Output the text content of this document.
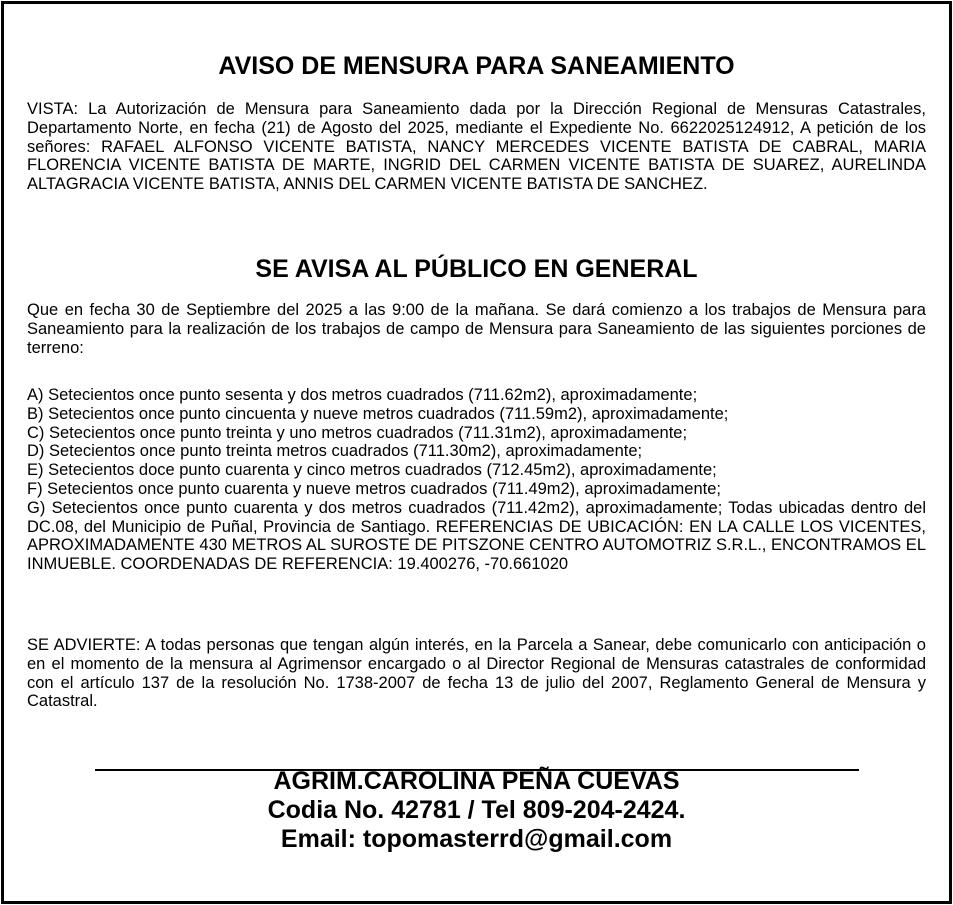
AVISO DE MENSURA PARA SANEAMIENTO

VISTA: La Autorización de Mensura para Saneamiento dada por la Dirección Regional de Mensuras Catastrales, Departamento Norte, en fecha (21) de Agosto del 2025, mediante el Expediente No. 6622025124912, A petición de los señores: RAFAEL ALFONSO VICENTE BATISTA, NANCY MERCEDES VICENTE BATISTA DE CABRAL, MARIA FLORENCIA VICENTE BATISTA DE MARTE, INGRID DEL CARMEN VICENTE BATISTA DE SUAREZ, AURELINDA ALTAGRACIA VICENTE BATISTA, ANNIS DEL CARMEN VICENTE BATISTA DE SANCHEZ.

SE AVISA AL PÚBLICO EN GENERAL

Que en fecha 30 de Septiembre del 2025 a las 9:00 de la mañana. Se dará comienzo a los trabajos de Mensura para Saneamiento para la realización de los trabajos de campo de Mensura para Saneamiento de las siguientes porciones de terreno:

A) Setecientos once punto sesenta y dos metros cuadrados (711.62m2), aproximadamente;
B) Setecientos once punto cincuenta y nueve metros cuadrados (711.59m2), aproximadamente;
C) Setecientos once punto treinta y uno metros cuadrados (711.31m2), aproximadamente;
D) Setecientos once punto treinta metros cuadrados (711.30m2), aproximadamente;
E) Setecientos doce punto cuarenta y cinco metros cuadrados (712.45m2), aproximadamente;
F) Setecientos once punto cuarenta y nueve metros cuadrados (711.49m2), aproximadamente;
G) Setecientos once punto cuarenta y dos metros cuadrados (711.42m2), aproximadamente; Todas ubicadas dentro del DC.08, del Municipio de Puñal, Provincia de Santiago. REFERENCIAS DE UBICACIÓN: EN LA CALLE LOS VICENTES, APROXIMADAMENTE 430 METROS AL SUROSTE DE PITSZONE CENTRO AUTOMOTRIZ S.R.L., ENCONTRAMOS EL INMUEBLE. COORDENADAS DE REFERENCIA: 19.400276, -70.661020

SE ADVIERTE: A todas personas que tengan algún interés, en la Parcela a Sanear, debe comunicarlo con anticipación o en el momento de la mensura al Agrimensor encargado o al Director Regional de Mensuras catastrales de conformidad con el artículo 137 de la resolución No. 1738-2007 de fecha 13 de julio del 2007, Reglamento General de Mensura y Catastral.

AGRIM.CAROLINA PEÑA CUEVAS
Codia No. 42781 / Tel 809-204-2424.
Email: topomasterrd@gmail.com
